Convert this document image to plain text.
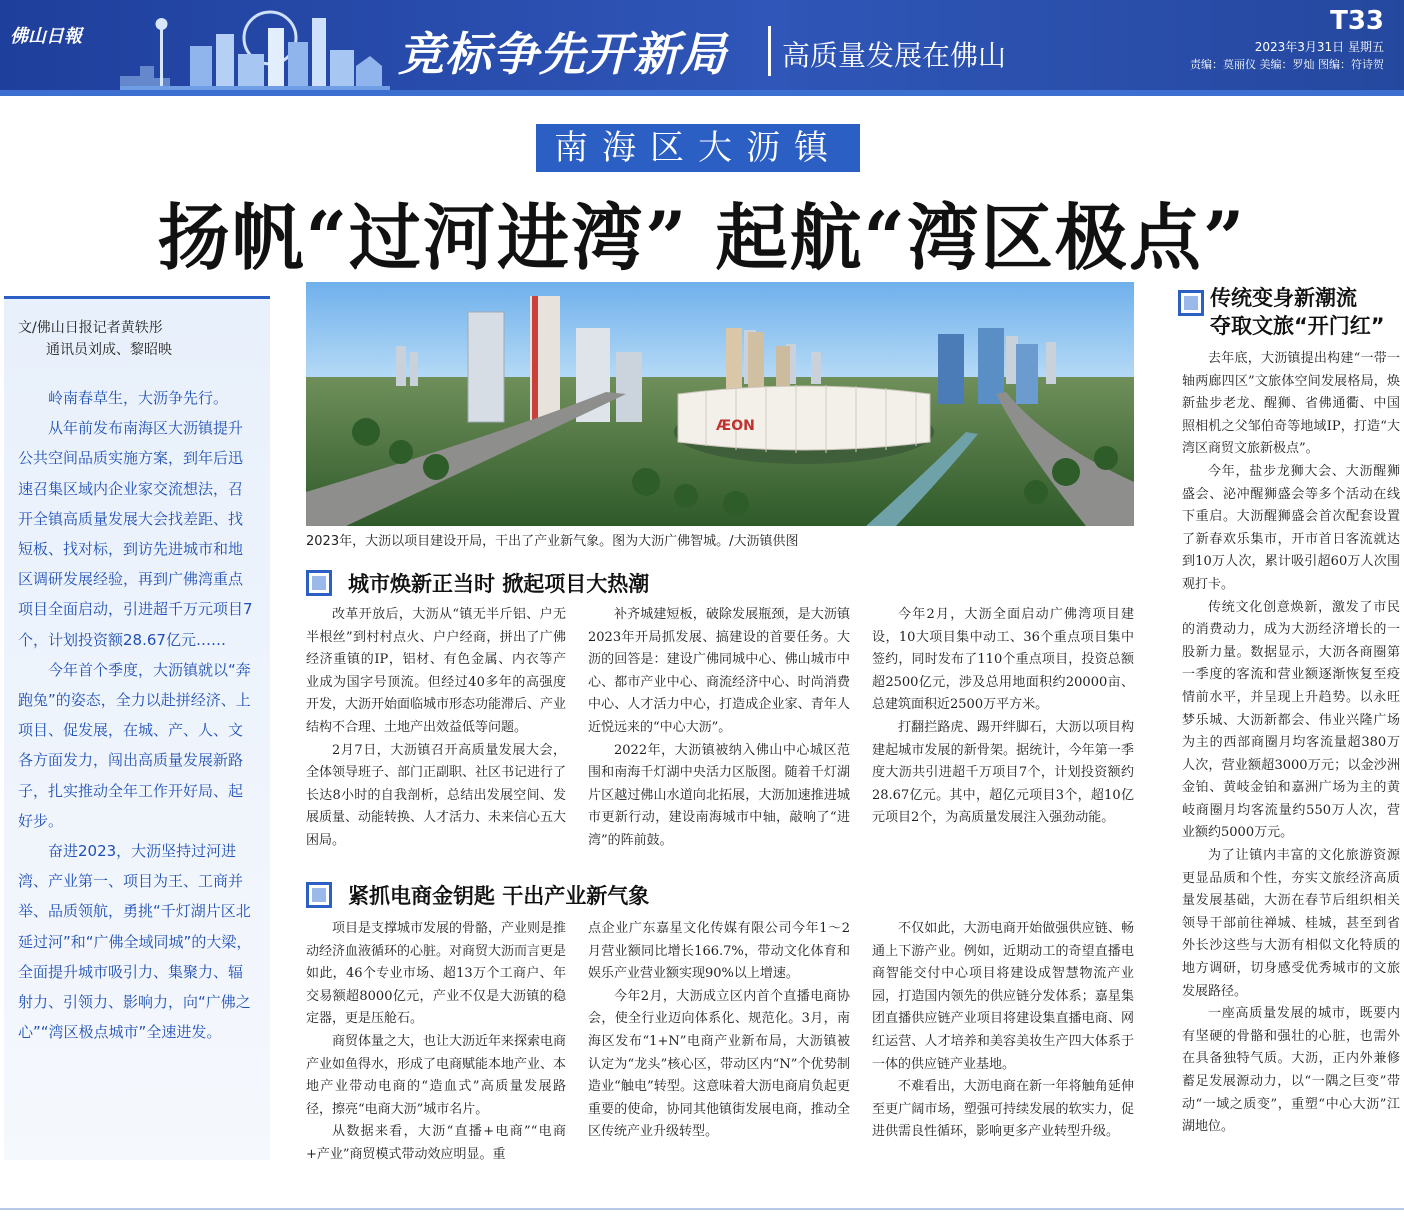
佛山日報	竞标争先开新局 高质量发展在佛山
T33
2023年3月31日 星期五
责编：莫丽仪 美编：罗灿 图编：符诗贺
南海区大沥镇
扬帆“过河进湾” 起航“湾区极点”
文/佛山日报记者黄轶彤
通讯员刘成、黎昭映

岭南春草生，大沥争先行。

从年前发布南海区大沥镇提升公共空间品质实施方案，到年后迅速召集区域内企业家交流想法，召开全镇高质量发展大会找差距、找短板、找对标，到访先进城市和地区调研发展经验，再到广佛湾重点项目全面启动，引进超千万元项目7个，计划投资额28.67亿元……

今年首个季度，大沥镇就以“奔跑兔”的姿态，全力以赴拼经济、上项目、促发展，在城、产、人、文各方面发力，闯出高质量发展新路子，扎实推动全年工作开好局、起好步。

奋进2023，大沥坚持过河进湾、产业第一、项目为王、工商并举、品质领航，勇挑“千灯湖片区北延过河”和“广佛全域同城”的大梁，全面提升城市吸引力、集聚力、辐射力、引领力、影响力，向“广佛之心”“湾区极点城市”全速进发。

ÆON
2023年，大沥以项目建设开局，干出了产业新气象。图为大沥广佛智城。/大沥镇供图
城市焕新正当时 掀起项目大热潮

改革开放后，大沥从“镇无半斤铝、户无半根丝”到村村点火、户户经商，拼出了广佛经济重镇的IP，铝材、有色金属、内衣等产业成为国字号顶流。但经过40多年的高强度开发，大沥开始面临城市形态功能滞后、产业结构不合理、土地产出效益低等问题。

2月7日，大沥镇召开高质量发展大会，全体领导班子、部门正副职、社区书记进行了长达8小时的自我剖析，总结出发展空间、发展质量、动能转换、人才活力、未来信心五大困局。

补齐城建短板，破除发展瓶颈，是大沥镇2023年开局抓发展、搞建设的首要任务。大沥的回答是：建设广佛同城中心、佛山城市中心、都市产业中心、商流经济中心、时尚消费中心、人才活力中心，打造成企业家、青年人近悦远来的“中心大沥”。

2022年，大沥镇被纳入佛山中心城区范围和南海千灯湖中央活力区版图。随着千灯湖片区越过佛山水道向北拓展，大沥加速推进城市更新行动，建设南海城市中轴，敲响了“进湾”的阵前鼓。

今年2月，大沥全面启动广佛湾项目建设，10大项目集中动工、36个重点项目集中签约，同时发布了110个重点项目，投资总额超2500亿元，涉及总用地面积约20000亩、总建筑面积近2500万平方米。

打翻拦路虎、踢开绊脚石，大沥以项目构建起城市发展的新骨架。据统计，今年第一季度大沥共引进超千万项目7个，计划投资额约28.67亿元。其中，超亿元项目3个，超10亿元项目2个，为高质量发展注入强劲动能。

紧抓电商金钥匙 干出产业新气象

项目是支撑城市发展的骨骼，产业则是推动经济血液循环的心脏。对商贸大沥而言更是如此，46个专业市场、超13万个工商户、年交易额超8000亿元，产业不仅是大沥镇的稳定器，更是压舱石。

商贸体量之大，也让大沥近年来探索电商产业如鱼得水，形成了电商赋能本地产业、本地产业带动电商的“造血式”高质量发展路径，擦亮“电商大沥”城市名片。

从数据来看，大沥“直播+电商”“电商+产业”商贸模式带动效应明显。重

点企业广东嘉星文化传媒有限公司今年1～2月营业额同比增长166.7%，带动文化体育和娱乐产业营业额实现90%以上增速。

今年2月，大沥成立区内首个直播电商协会，使全行业迈向体系化、规范化。3月，南海区发布“1+N”电商产业新布局，大沥镇被认定为“龙头”核心区，带动区内“N”个优势制造业“触电”转型。这意味着大沥电商肩负起更重要的使命，协同其他镇街发展电商，推动全区传统产业升级转型。

不仅如此，大沥电商开始做强供应链、畅通上下游产业。例如，近期动工的奇望直播电商智能交付中心项目将建设成智慧物流产业园，打造国内领先的供应链分发体系；嘉星集团直播供应链产业项目将建设集直播电商、网红运营、人才培养和美容美妆生产四大体系于一体的供应链产业基地。

不难看出，大沥电商在新一年将触角延伸至更广阔市场，塑强可持续发展的软实力，促进供需良性循环，影响更多产业转型升级。

传统变身新潮流
夺取文旅“开门红”

去年底，大沥镇提出构建“一带一轴两廊四区”文旅体空间发展格局，焕新盐步老龙、醒狮、省佛通衢、中国照相机之父邹伯奇等地域IP，打造“大湾区商贸文旅新极点”。

今年，盐步龙狮大会、大沥醒狮盛会、泌冲醒狮盛会等多个活动在线下重启。大沥醒狮盛会首次配套设置了新春欢乐集市，开市首日客流就达到10万人次，累计吸引超60万人次围观打卡。

传统文化创意焕新，激发了市民的消费动力，成为大沥经济增长的一股新力量。数据显示，大沥各商圈第一季度的客流和营业额逐渐恢复至疫情前水平，并呈现上升趋势。以永旺梦乐城、大沥新都会、伟业兴隆广场为主的西部商圈月均客流量超380万人次，营业额超3000万元；以金沙洲金铂、黄岐金铂和嘉洲广场为主的黄岐商圈月均客流量约550万人次，营业额约5000万元。

为了让镇内丰富的文化旅游资源更显品质和个性，夯实文旅经济高质量发展基础，大沥在春节后组织相关领导干部前往禅城、桂城，甚至到省外长沙这些与大沥有相似文化特质的地方调研，切身感受优秀城市的文旅发展路径。

一座高质量发展的城市，既要内有坚硬的骨骼和强壮的心脏，也需外在具备独特气质。大沥，正内外兼修蓄足发展源动力，以“一隅之巨变”带动“一域之质变”，重塑“中心大沥”江湖地位。
